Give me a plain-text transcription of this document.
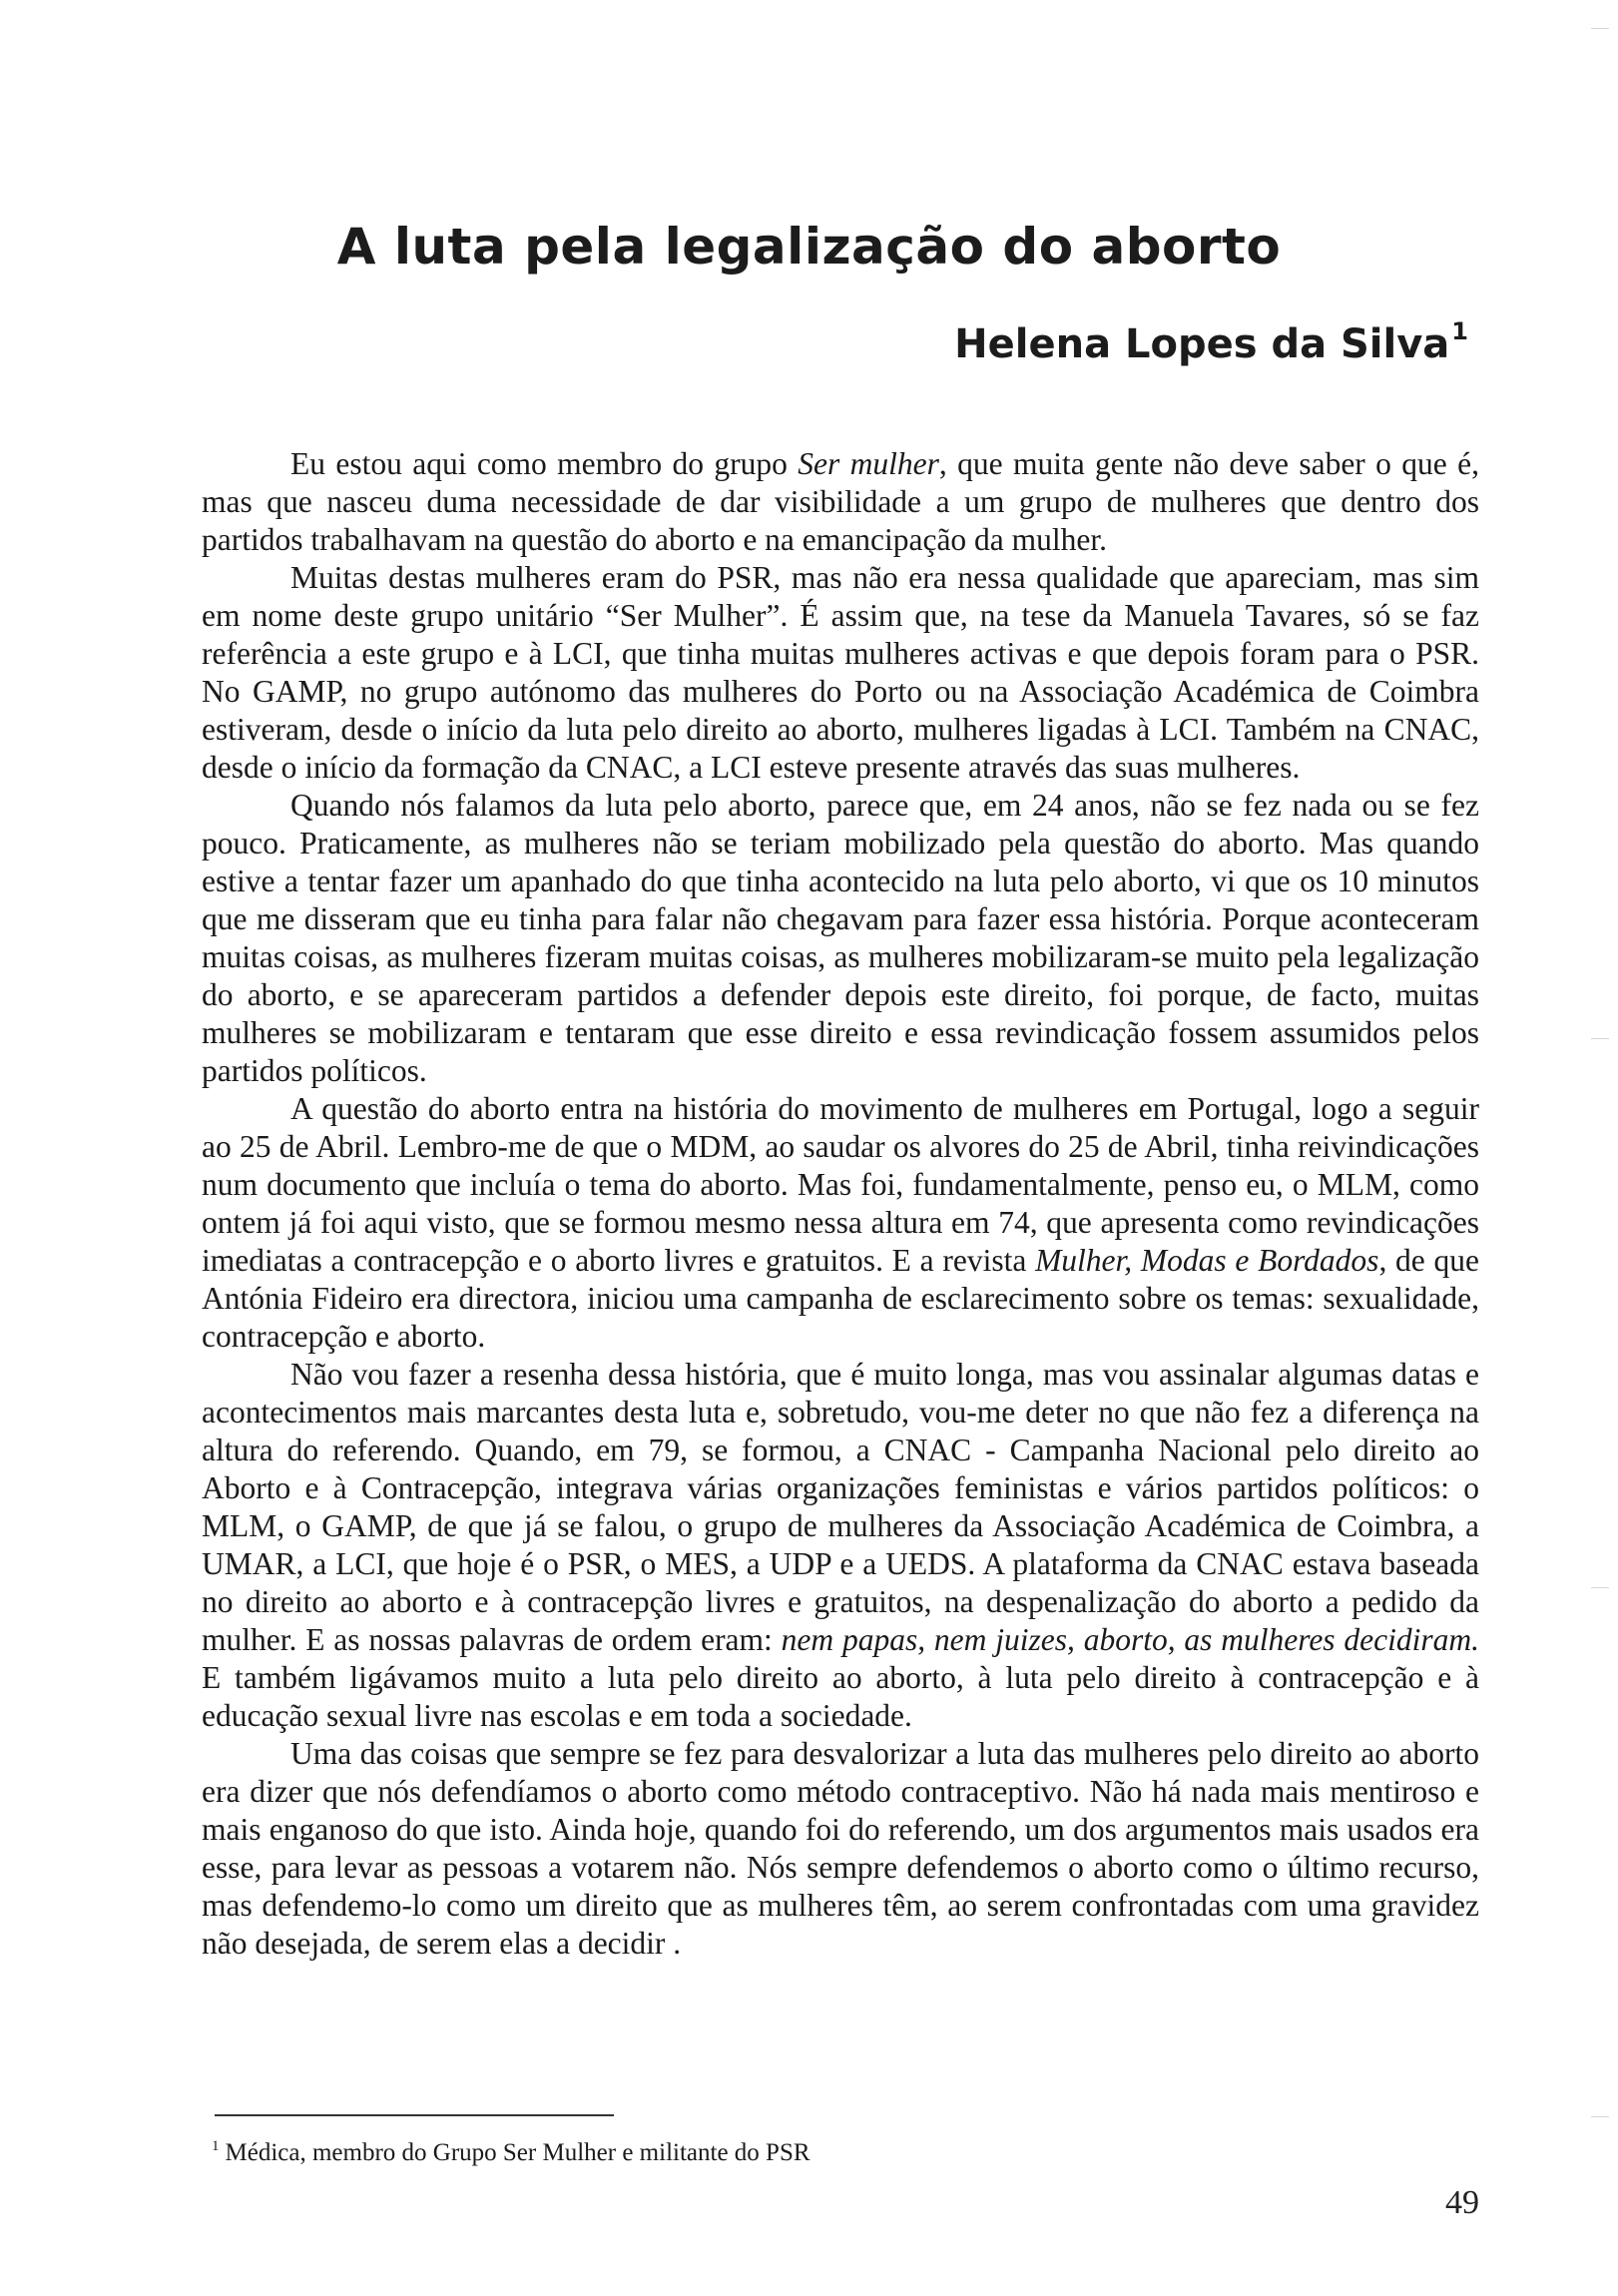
A luta pela legalização do aborto
Helena Lopes da Silva$^1$

Eu estou aqui como membro do grupo Ser mulher, que muita gente não deve saber o que é, mas que nasceu duma necessidade de dar visibilidade a um grupo de mulheres que dentro dos partidos trabalhavam na questão do aborto e na emancipação da mulher.

Muitas destas mulheres eram do PSR, mas não era nessa qualidade que apareciam, mas sim em nome deste grupo unitário “Ser Mulher”. É assim que, na tese da Manuela Tavares, só se faz referência a este grupo e à LCI, que tinha muitas mulheres activas e que depois foram para o PSR. No GAMP, no grupo autónomo das mulheres do Porto ou na Associação Académica de Coimbra estiveram, desde o início da luta pelo direito ao aborto, mulheres ligadas à LCI. Também na CNAC, desde o início da formação da CNAC, a LCI esteve presente através das suas mulheres.

Quando nós falamos da luta pelo aborto, parece que, em 24 anos, não se fez nada ou se fez pouco. Praticamente, as mulheres não se teriam mobilizado pela questão do aborto. Mas quando estive a tentar fazer um apanhado do que tinha acontecido na luta pelo aborto, vi que os 10 minutos que me disseram que eu tinha para falar não chegavam para fazer essa história. Porque aconteceram muitas coisas, as mulheres fizeram muitas coisas, as mulheres mobilizaram-se muito pela legalização do aborto, e se apareceram partidos a defender depois este direito, foi porque, de facto, muitas mulheres se mobilizaram e tentaram que esse direito e essa revindicação fossem assumidos pelos partidos políticos.

A questão do aborto entra na história do movimento de mulheres em Portugal, logo a seguir ao 25 de Abril. Lembro-me de que o MDM, ao saudar os alvores do 25 de Abril, tinha reivindicações num documento que incluía o tema do aborto. Mas foi, fundamentalmente, penso eu, o MLM, como ontem já foi aqui visto, que se formou mesmo nessa altura em 74, que apresenta como revindicações imediatas a contracepção e o aborto livres e gratuitos. E a revista Mulher, Modas e Bordados, de que Antónia Fideiro era directora, iniciou uma campanha de esclarecimento sobre os temas: sexualidade, contracepção e aborto.

Não vou fazer a resenha dessa história, que é muito longa, mas vou assinalar algumas datas e acontecimentos mais marcantes desta luta e, sobretudo, vou-me deter no que não fez a diferença na altura do referendo. Quando, em 79, se formou, a CNAC - Campanha Nacional pelo direito ao Aborto e à Contracepção, integrava várias organizações feministas e vários partidos políticos: o MLM, o GAMP, de que já se falou, o grupo de mulheres da Associação Académica de Coimbra, a UMAR, a LCI, que hoje é o PSR, o MES, a UDP e a UEDS. A plataforma da CNAC estava baseada no direito ao aborto e à contracepção livres e gratuitos, na despenalização do aborto a pedido da mulher. E as nossas palavras de ordem eram: nem papas, nem juizes, aborto, as mulheres decidiram. E também ligávamos muito a luta pelo direito ao aborto, à luta pelo direito à contracepção e à educação sexual livre nas escolas e em toda a sociedade.

Uma das coisas que sempre se fez para desvalorizar a luta das mulheres pelo direito ao aborto era dizer que nós defendíamos o aborto como método contraceptivo. Não há nada mais mentiroso e mais enganoso do que isto. Ainda hoje, quando foi do referendo, um dos argumentos mais usados era esse, para levar as pessoas a votarem não. Nós sempre defendemos o aborto como o último recurso, mas defendemo-lo como um direito que as mulheres têm, ao serem confrontadas com uma gravidez não desejada, de serem elas a decidir .

$^1$ Médica, membro do Grupo Ser Mulher e militante do PSR
49
